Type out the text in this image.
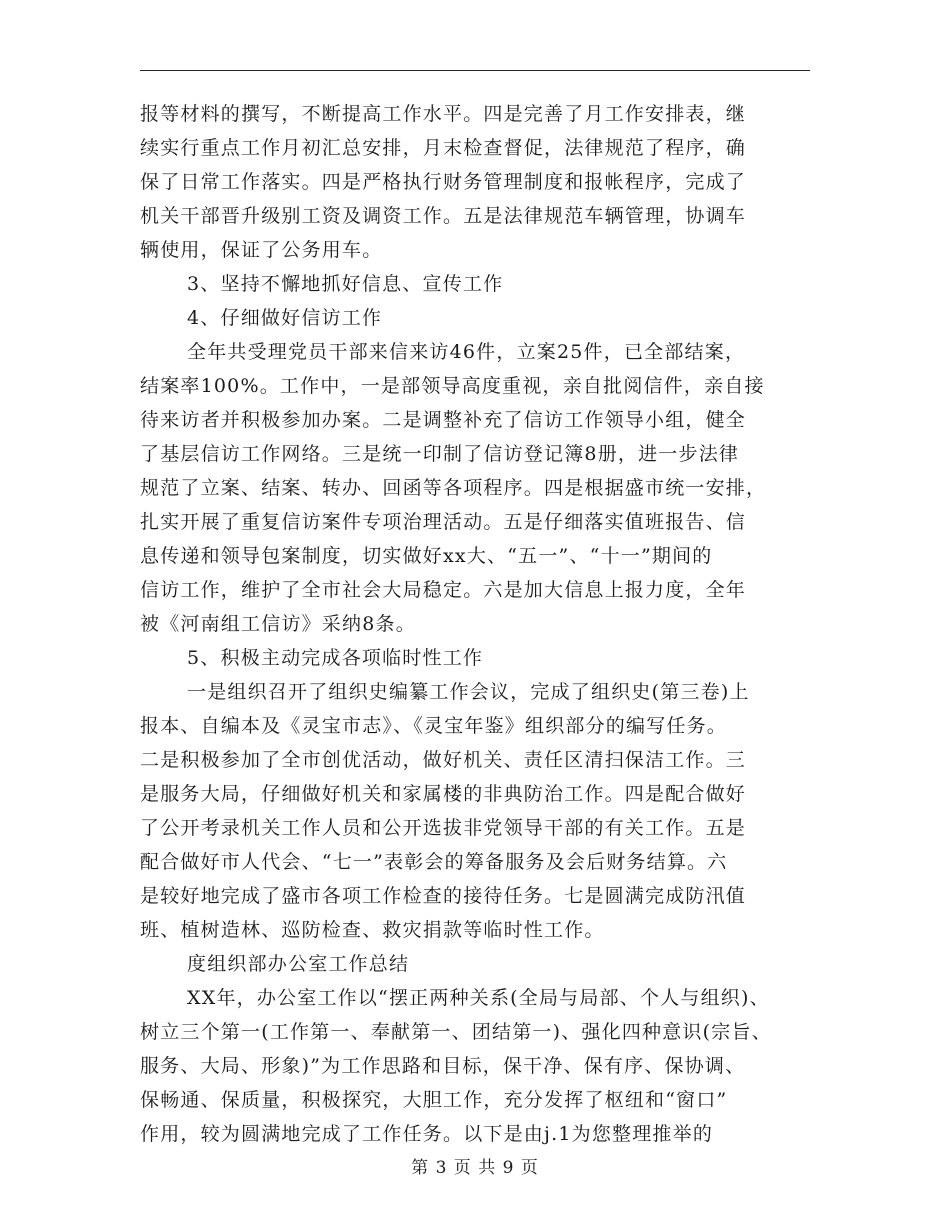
报等材料的撰写，不断提高工作水平。四是完善了月工作安排表，继
续实行重点工作月初汇总安排，月末检查督促，法律规范了程序，确
保了日常工作落实。四是严格执行财务管理制度和报帐程序，完成了
机关干部晋升级别工资及调资工作。五是法律规范车辆管理，协调车
辆使用，保证了公务用车。
3、坚持不懈地抓好信息、宣传工作
4、仔细做好信访工作
全年共受理党员干部来信来访46件，立案25件，已全部结案，
结案率100%。工作中，一是部领导高度重视，亲自批阅信件，亲自接
待来访者并积极参加办案。二是调整补充了信访工作领导小组，健全
了基层信访工作网络。三是统一印制了信访登记簿8册，进一步法律
规范了立案、结案、转办、回函等各项程序。四是根据盛市统一安排，
扎实开展了重复信访案件专项治理活动。五是仔细落实值班报告、信
息传递和领导包案制度，切实做好xx大、“五一”、“十一”期间的
信访工作，维护了全市社会大局稳定。六是加大信息上报力度，全年
被《河南组工信访》采纳8条。
5、积极主动完成各项临时性工作
一是组织召开了组织史编纂工作会议，完成了组织史(第三卷)上
报本、自编本及《灵宝市志》、《灵宝年鉴》组织部分的编写任务。
二是积极参加了全市创优活动，做好机关、责任区清扫保洁工作。三
是服务大局，仔细做好机关和家属楼的非典防治工作。四是配合做好
了公开考录机关工作人员和公开选拔非党领导干部的有关工作。五是
配合做好市人代会、“七一”表彰会的筹备服务及会后财务结算。六
是较好地完成了盛市各项工作检查的接待任务。七是圆满完成防汛值
班、植树造林、巡防检查、救灾捐款等临时性工作。
度组织部办公室工作总结
XX年，办公室工作以“摆正两种关系(全局与局部、个人与组织)、
树立三个第一(工作第一、奉献第一、团结第一)、强化四种意识(宗旨、
服务、大局、形象)”为工作思路和目标，保干净、保有序、保协调、
保畅通、保质量，积极探究，大胆工作，充分发挥了枢纽和“窗口”
作用，较为圆满地完成了工作任务。以下是由j.1为您整理推举的
第 3 页 共 9 页
